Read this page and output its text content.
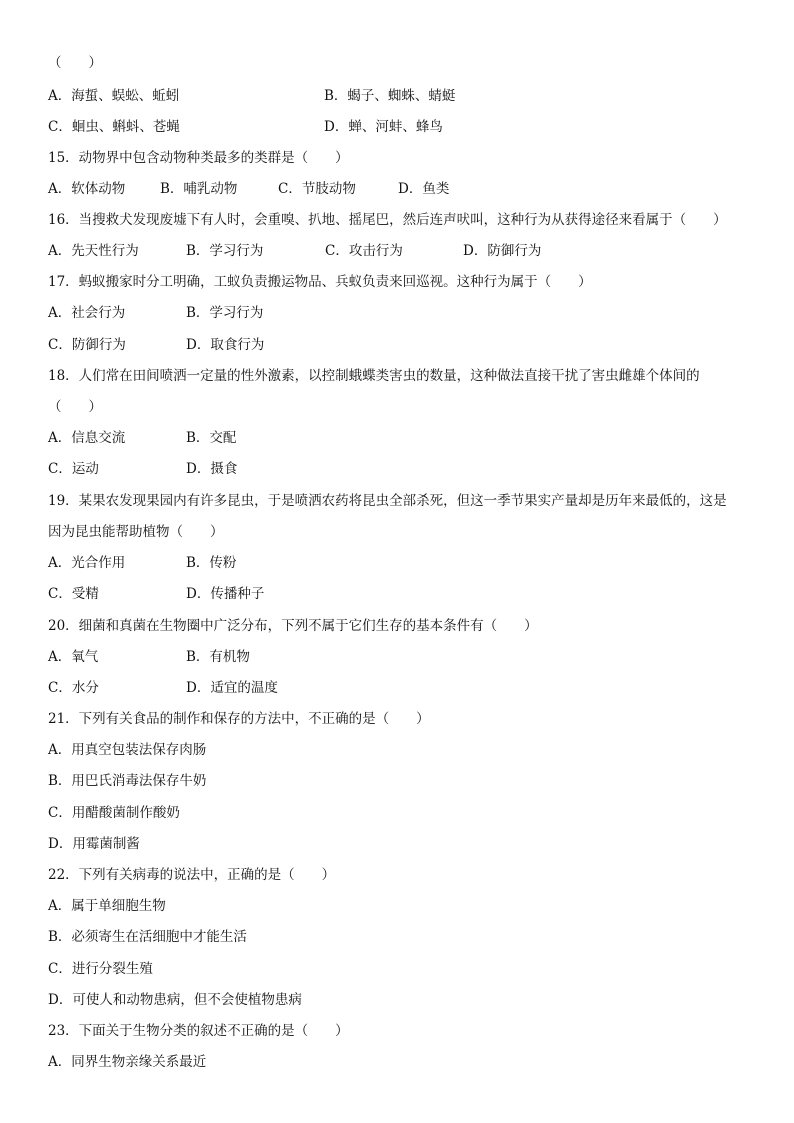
（　　）
A．海蜇、蜈蚣、蚯蚓	B．蝎子、蜘蛛、蜻蜓
C．蛔虫、蝌蚪、苍蝇	D．蝉、河蚌、蜂鸟
15．动物界中包含动物种类最多的类群是（　　）
A．软体动物	B．哺乳动物	C．节肢动物	D．鱼类
16．当搜救犬发现废墟下有人时，会重嗅、扒地、摇尾巴，然后连声吠叫，这种行为从获得途径来看属于（　　）
A．先天性行为	B．学习行为	C．攻击行为	D．防御行为
17．蚂蚁搬家时分工明确，工蚁负责搬运物品、兵蚁负责来回巡视。这种行为属于（　　）
A．社会行为	B．学习行为
C．防御行为	D．取食行为
18．人们常在田间喷洒一定量的性外激素，以控制蛾蝶类害虫的数量，这种做法直接干扰了害虫雌雄个体间的
（　　）
A．信息交流	B．交配
C．运动	D．摄食
19．某果农发现果园内有许多昆虫，于是喷洒农药将昆虫全部杀死，但这一季节果实产量却是历年来最低的，这是
因为昆虫能帮助植物（　　）
A．光合作用	B．传粉
C．受精	D．传播种子
20．细菌和真菌在生物圈中广泛分布，下列不属于它们生存的基本条件有（　　）
A．氧气	B．有机物
C．水分	D．适宜的温度
21．下列有关食品的制作和保存的方法中，不正确的是（　　）
A．用真空包装法保存肉肠
B．用巴氏消毒法保存牛奶
C．用醋酸菌制作酸奶
D．用霉菌制酱
22．下列有关病毒的说法中，正确的是（　　）
A．属于单细胞生物
B．必须寄生在活细胞中才能生活
C．进行分裂生殖
D．可使人和动物患病，但不会使植物患病
23．下面关于生物分类的叙述不正确的是（　　）
A．同界生物亲缘关系最近
